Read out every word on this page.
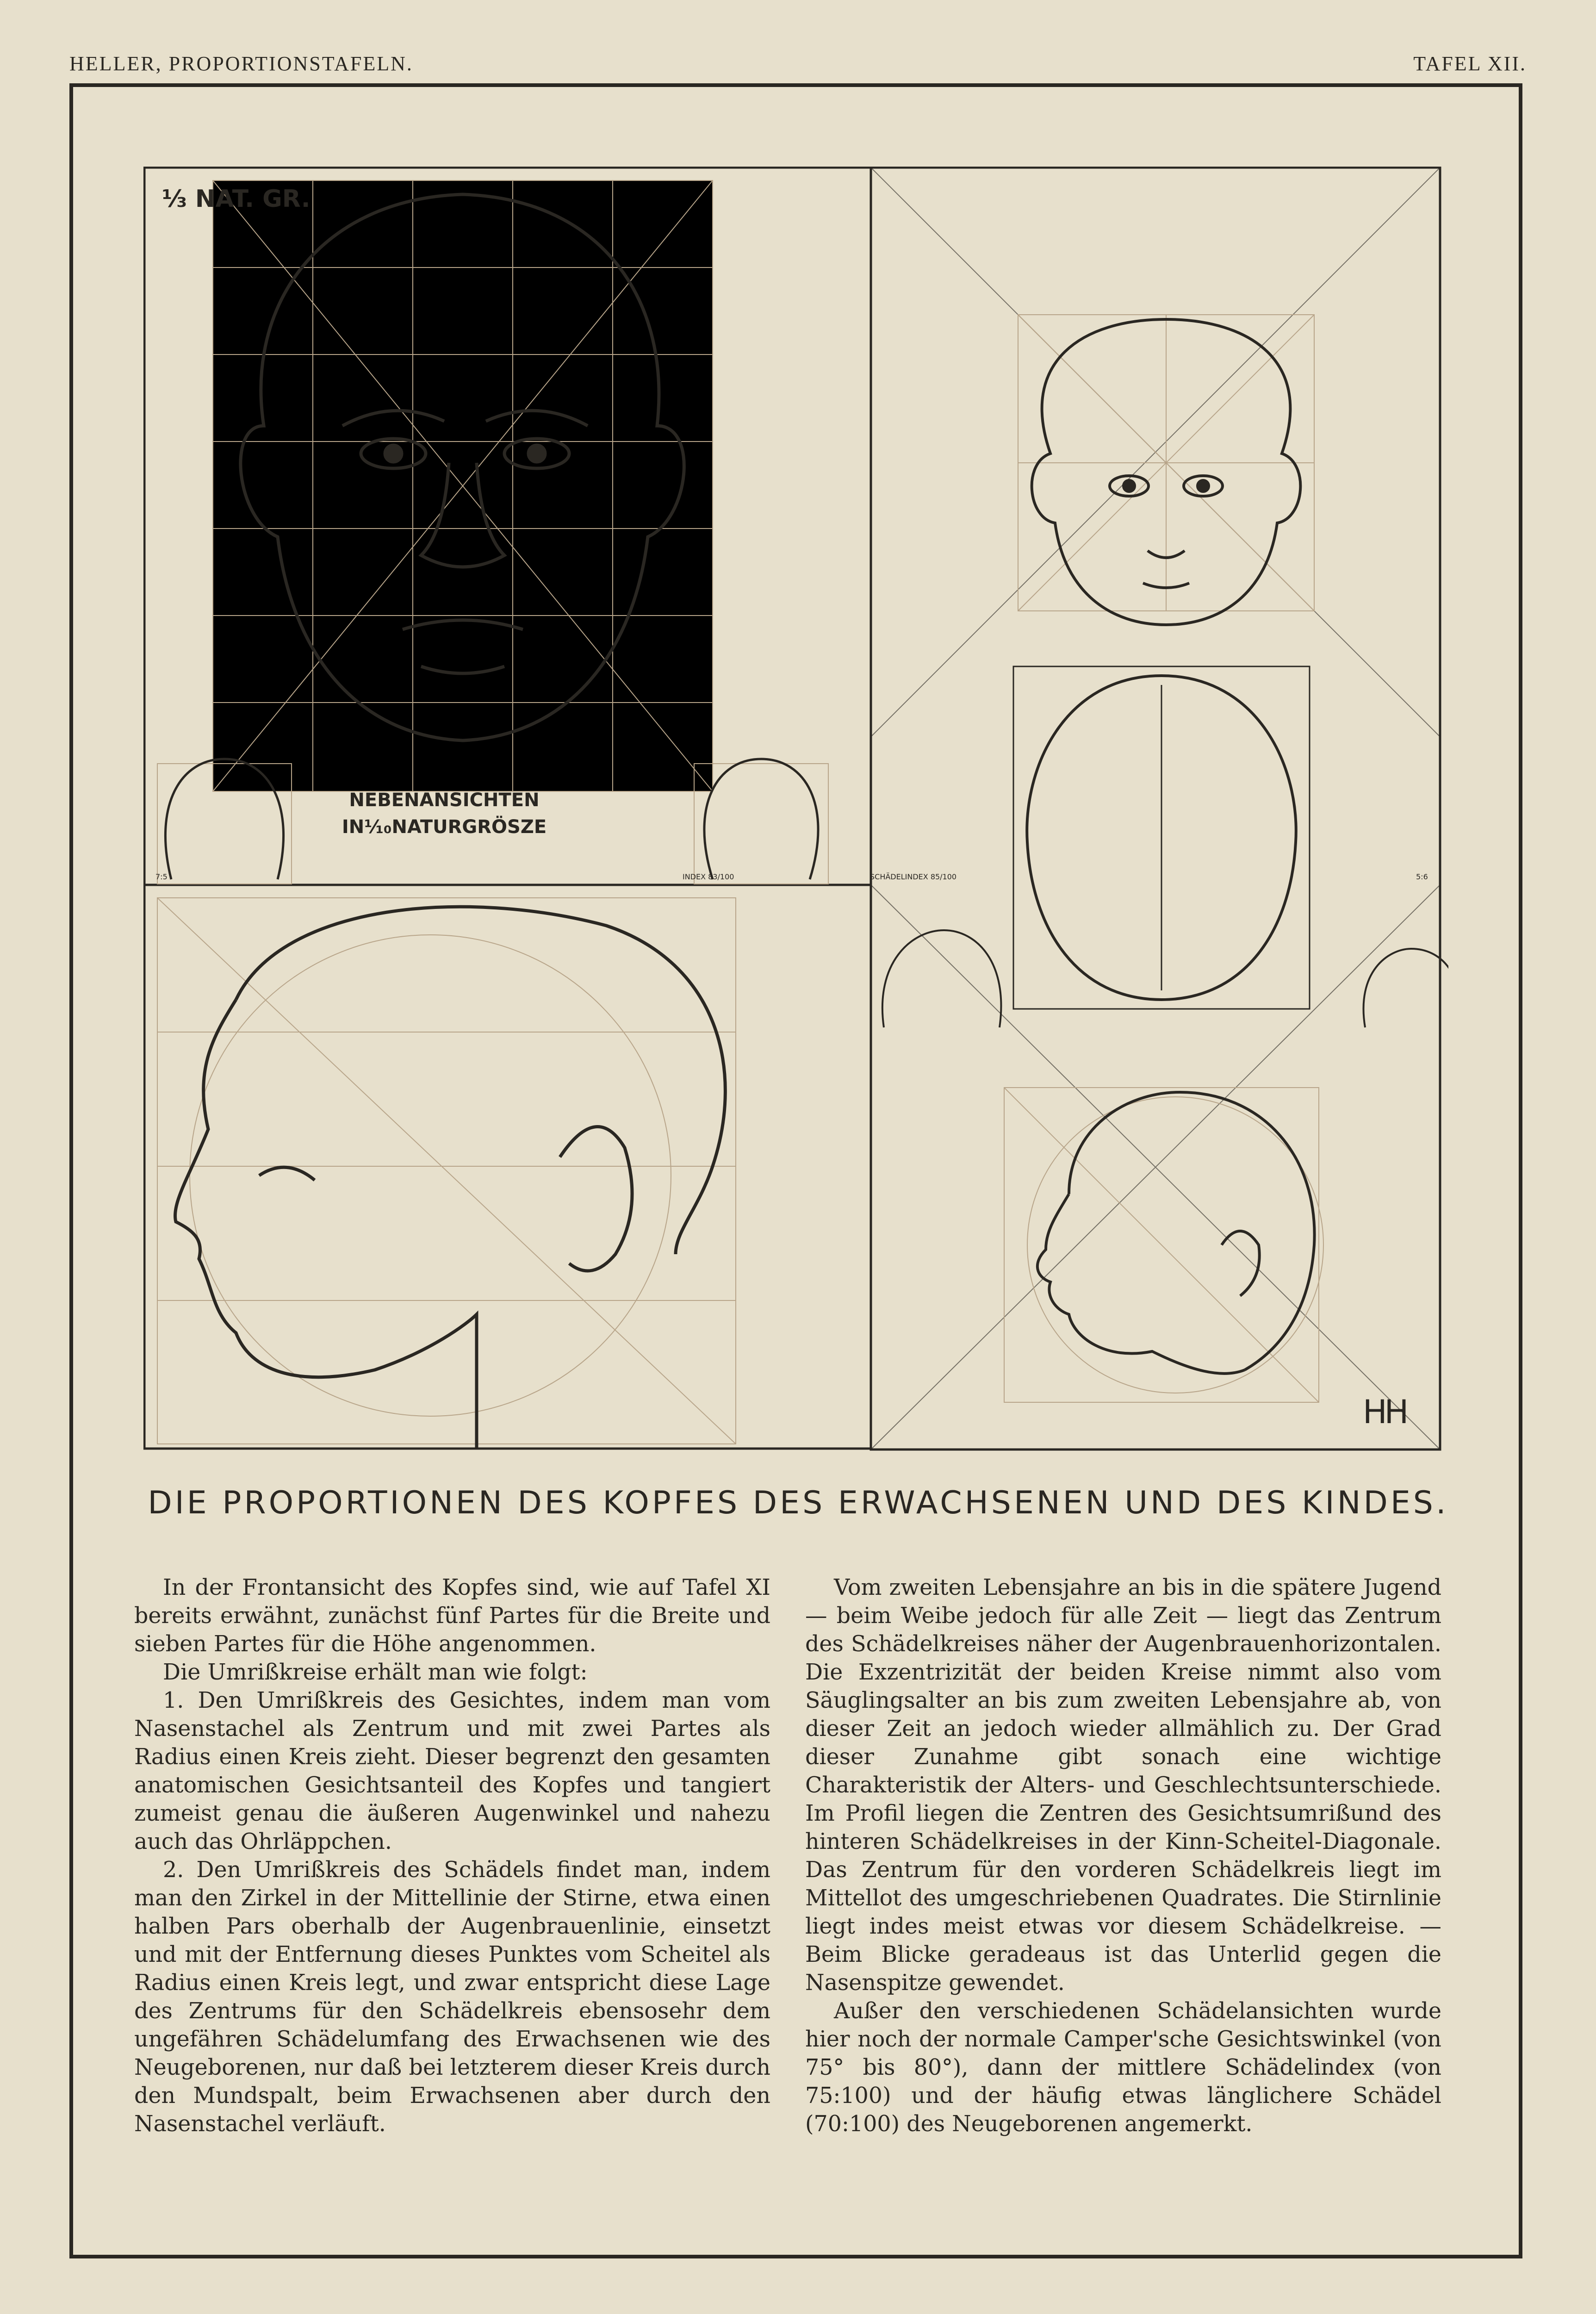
HELLER, PROPORTIONSTAFELN.	TAFEL XII.
⅓ NAT. GR.
NEBENANSICHTEN
IN⅒NATURGRÖSZE
7:5	INDEX 83/100	SCHÄDELINDEX 85/100	5:6
HH
DIE PROPORTIONEN DES KOPFES DES ERWACHSENEN UND DES KINDES.

In der Frontansicht des Kopfes sind, wie auf Tafel XI bereits erwähnt, zunächst fünf Partes für die Breite und sieben Partes für die Höhe angenommen.

Die Umrißkreise erhält man wie folgt:

1. Den Umrißkreis des Gesichtes, indem man vom Nasenstachel als Zentrum und mit zwei Partes als Radius einen Kreis zieht. Dieser begrenzt den gesamten anatomischen Gesichtsanteil des Kopfes und tangiert zumeist genau die äußeren Augenwinkel und nahezu auch das Ohrläppchen.

2. Den Umrißkreis des Schädels findet man, indem man den Zirkel in der Mittellinie der Stirne, etwa einen halben Pars oberhalb der Augenbrauenlinie, einsetzt und mit der Entfernung dieses Punktes vom Scheitel als Radius einen Kreis legt, und zwar entspricht diese Lage des Zentrums für den Schädelkreis ebensosehr dem ungefähren Schädelumfang des Erwachsenen wie des Neugeborenen, nur daß bei letzterem dieser Kreis durch den Mundspalt, beim Erwachsenen aber durch den Nasenstachel verläuft.

Vom zweiten Lebensjahre an bis in die spätere Jugend — beim Weibe jedoch für alle Zeit — liegt das Zentrum des Schädelkreises näher der Augenbrauenhorizontalen. Die Exzentrizität der beiden Kreise nimmt also vom Säuglingsalter an bis zum zweiten Lebensjahre ab, von dieser Zeit an jedoch wieder allmählich zu. Der Grad dieser Zunahme gibt sonach eine wichtige Charakteristik der Alters- und Geschlechtsunterschiede. Im Profil liegen die Zentren des Gesichtsumrißund des hinteren Schädelkreises in der Kinn-Scheitel-Diagonale. Das Zentrum für den vorderen Schädelkreis liegt im Mittellot des umgeschriebenen Quadrates. Die Stirnlinie liegt indes meist etwas vor diesem Schädelkreise. — Beim Blicke geradeaus ist das Unterlid gegen die Nasenspitze gewendet.

Außer den verschiedenen Schädelansichten wurde hier noch der normale Camper'sche Gesichtswinkel (von 75° bis 80°), dann der mittlere Schädelindex (von 75:100) und der häufig etwas länglichere Schädel (70:100) des Neugeborenen angemerkt.
